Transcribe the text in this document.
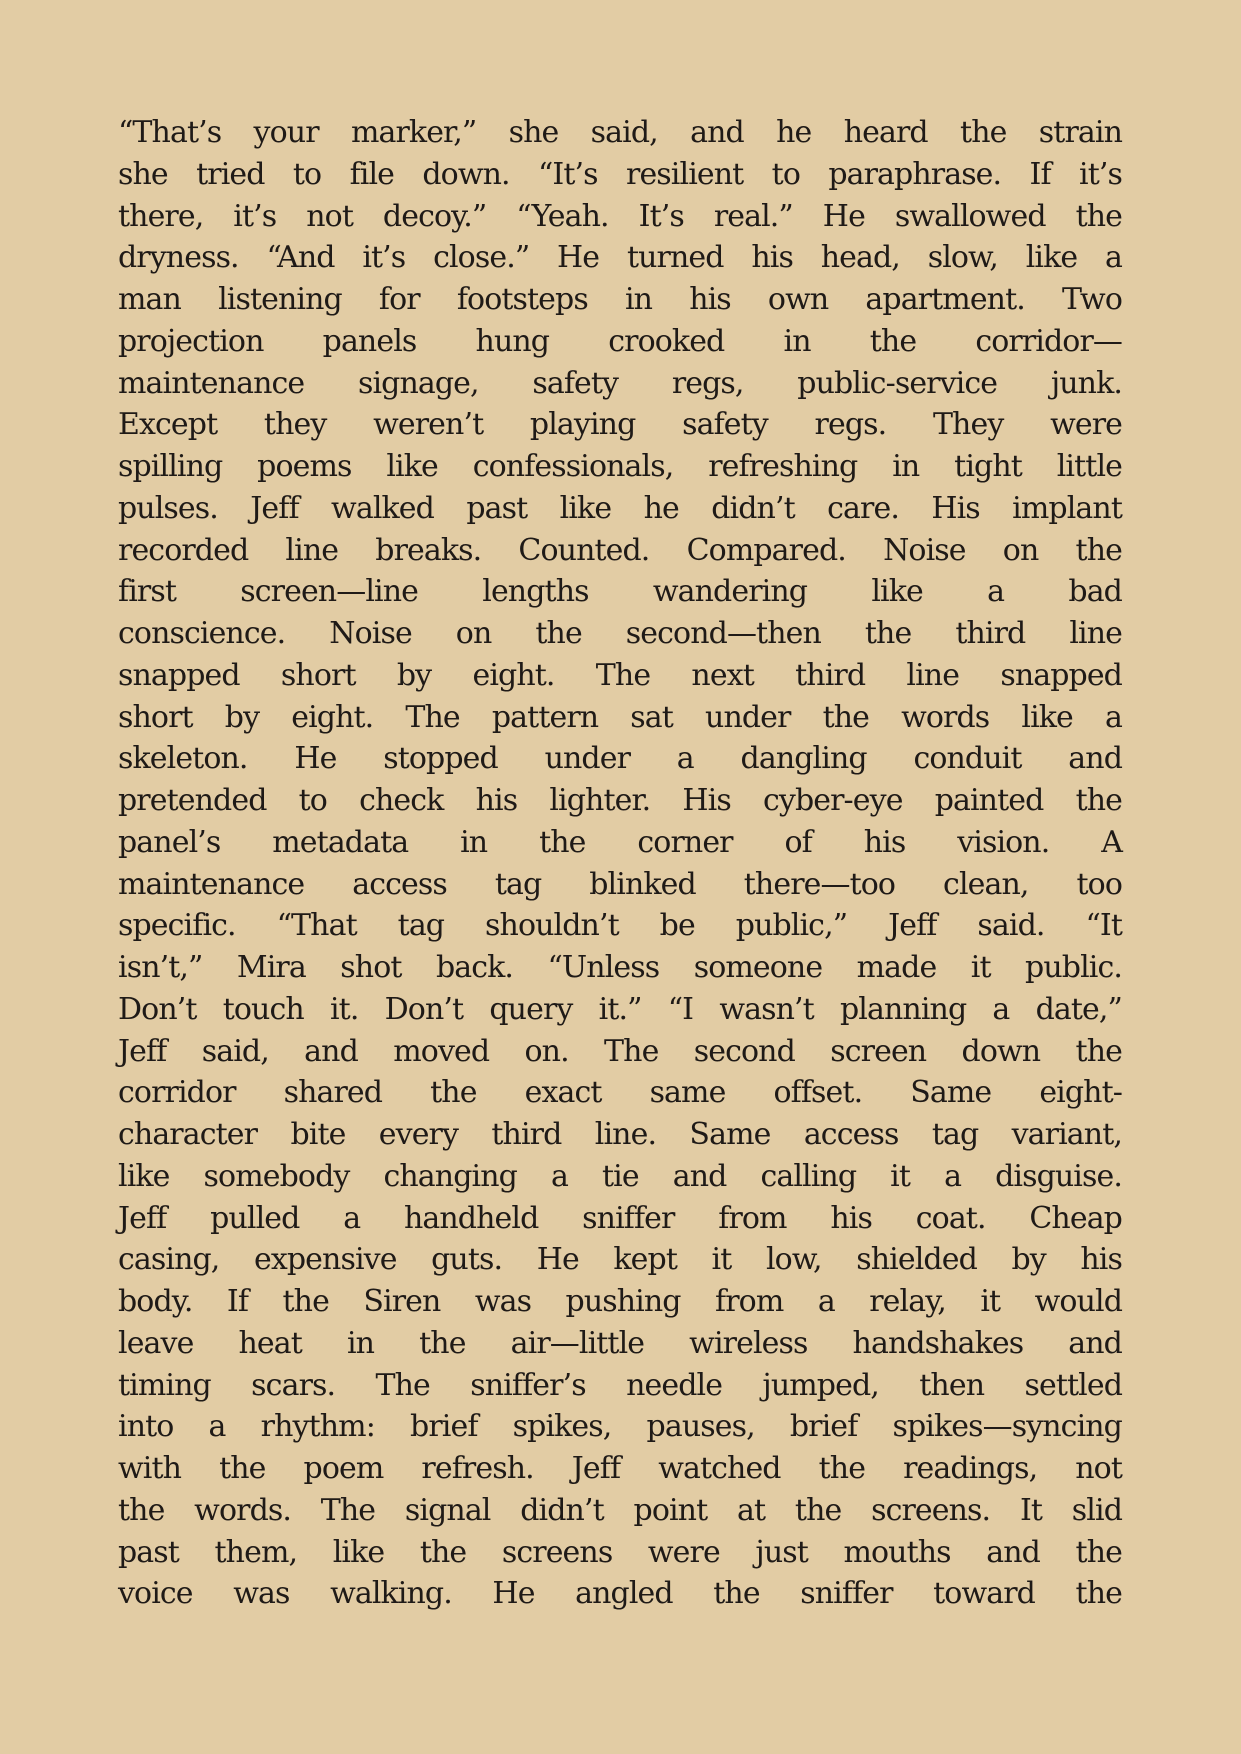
“That’s your marker,” she said, and he heard the strain
she tried to file down. “It’s resilient to paraphrase. If it’s
there, it’s not decoy.” “Yeah. It’s real.” He swallowed the
dryness. “And it’s close.” He turned his head, slow, like a
man listening for footsteps in his own apartment. Two
projection panels hung crooked in the corridor—
maintenance signage, safety regs, public-service junk.
Except they weren’t playing safety regs. They were
spilling poems like confessionals, refreshing in tight little
pulses. Jeff walked past like he didn’t care. His implant
recorded line breaks. Counted. Compared. Noise on the
first screen—line lengths wandering like a bad
conscience. Noise on the second—then the third line
snapped short by eight. The next third line snapped
short by eight. The pattern sat under the words like a
skeleton. He stopped under a dangling conduit and
pretended to check his lighter. His cyber-eye painted the
panel’s metadata in the corner of his vision. A
maintenance access tag blinked there—too clean, too
specific. “That tag shouldn’t be public,” Jeff said. “It
isn’t,” Mira shot back. “Unless someone made it public.
Don’t touch it. Don’t query it.” “I wasn’t planning a date,”
Jeff said, and moved on. The second screen down the
corridor shared the exact same offset. Same eight-
character bite every third line. Same access tag variant,
like somebody changing a tie and calling it a disguise.
Jeff pulled a handheld sniffer from his coat. Cheap
casing, expensive guts. He kept it low, shielded by his
body. If the Siren was pushing from a relay, it would
leave heat in the air—little wireless handshakes and
timing scars. The sniffer’s needle jumped, then settled
into a rhythm: brief spikes, pauses, brief spikes—syncing
with the poem refresh. Jeff watched the readings, not
the words. The signal didn’t point at the screens. It slid
past them, like the screens were just mouths and the
voice was walking. He angled the sniffer toward the
